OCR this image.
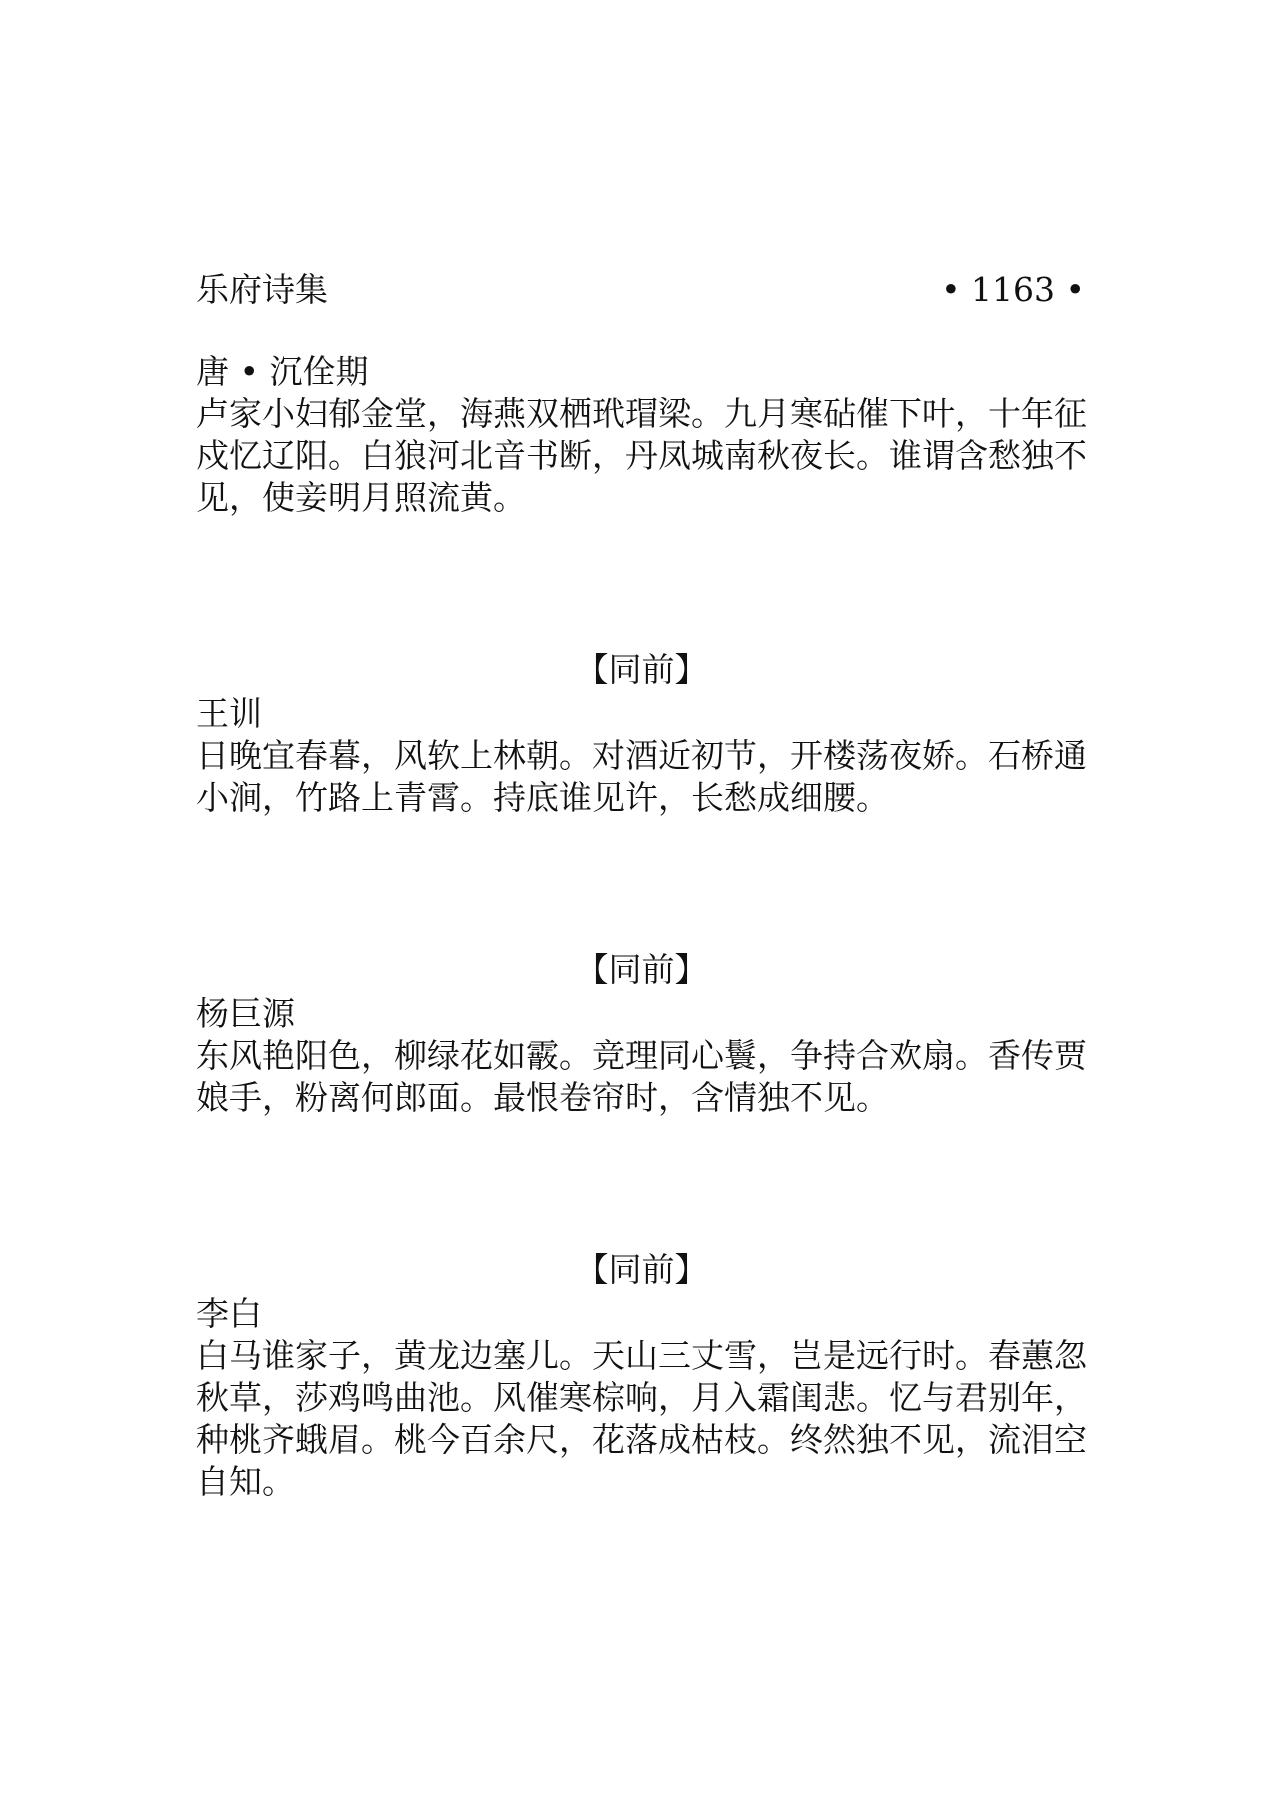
乐府诗集	• 1163 •
唐 • 沉佺期
卢家小妇郁金堂，海燕双栖玳瑁梁。九月寒砧催下叶，十年征
戍忆辽阳。白狼河北音书断，丹凤城南秋夜长。谁谓含愁独不
见，使妾明月照流黄。
【同前】
王训
日晚宜春暮，风软上林朝。对酒近初节，开楼荡夜娇。石桥通
小涧，竹路上青霄。持底谁见许，长愁成细腰。
【同前】
杨巨源
东风艳阳色，柳绿花如霰。竞理同心鬟，争持合欢扇。香传贾
娘手，粉离何郎面。最恨卷帘时，含情独不见。
【同前】
李白
白马谁家子，黄龙边塞儿。天山三丈雪，岂是远行时。春蕙忽
秋草，莎鸡鸣曲池。风催寒棕响，月入霜闺悲。忆与君别年，
种桃齐蛾眉。桃今百余尺，花落成枯枝。终然独不见，流泪空
自知。
